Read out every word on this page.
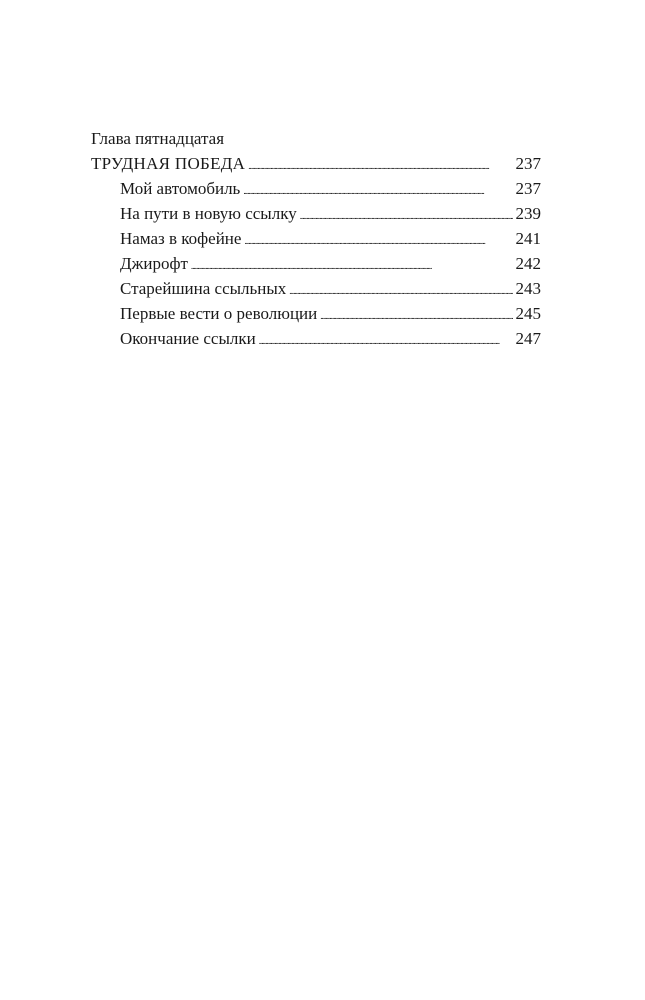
Глава пятнадцатая
ТРУДНАЯ ПОБЕДА . . .	237
Мой автомобиль . . .	237
На пути в новую ссылку . . .	239
Намаз в кофейне . . .	241
Джирофт . . .	242
Старейшина ссыльных . . .	243
Первые вести о революции . . .	245
Окончание ссылки . . .	247
